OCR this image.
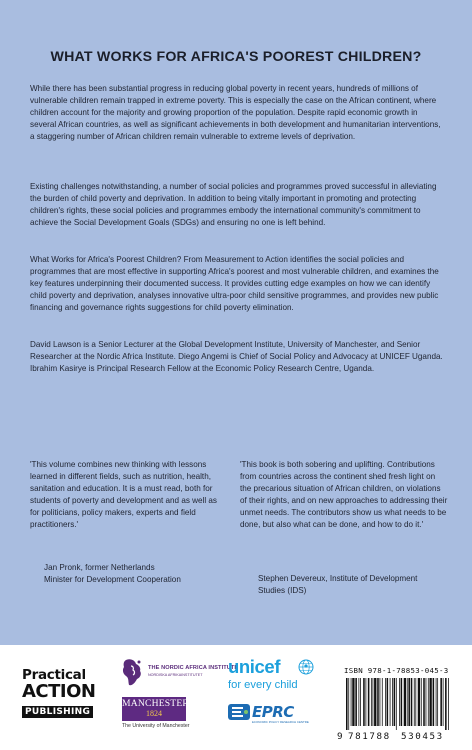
WHAT WORKS FOR AFRICA'S POOREST CHILDREN?

While there has been substantial progress in reducing global poverty in recent years, hundreds of millions of vulnerable children remain trapped in extreme poverty. This is especially the case on the African continent, where children account for the majority and growing proportion of the population. Despite rapid economic growth in several African countries, as well as significant achievements in both development and humanitarian interventions, a staggering number of African children remain vulnerable to extreme levels of deprivation.

Existing challenges notwithstanding, a number of social policies and programmes proved successful in alleviating the burden of child poverty and deprivation. In addition to being vitally important in promoting and protecting children's rights, these social policies and programmes embody the international community's commitment to achieve the Social Development Goals (SDGs) and ensuring no one is left behind.

What Works for Africa's Poorest Children? From Measurement to Action identifies the social policies and programmes that are most effective in supporting Africa's poorest and most vulnerable children, and examines the key features underpinning their documented success. It provides cutting edge examples on how we can identify child poverty and deprivation, analyses innovative ultra-poor child sensitive programmes, and provides new public financing and governance rights suggestions for child poverty elimination.

David Lawson is a Senior Lecturer at the Global Development Institute, University of Manchester, and Senior Researcher at the Nordic Africa Institute. Diego Angemi is Chief of Social Policy and Advocacy at UNICEF Uganda. Ibrahim Kasirye is Principal Research Fellow at the Economic Policy Research Centre, Uganda.

'This volume combines new thinking with lessons learned in different fields, such as nutrition, health, sanitation and education. It is a must read, both for students of poverty and development and as well as for politicians, policy makers, experts and field practitioners.'

Jan Pronk, former Netherlands
Minister for Development Cooperation

'This book is both sobering and uplifting. Contributions from countries across the continent shed fresh light on the precarious situation of African children, on violations of their rights, and on new approaches to addressing their unmet needs. The contributors show us what needs to be done, but also what can be done, and how to do it.'

Stephen Devereux, Institute of Development
Studies (IDS)
Practical
ACTION
PUBLISHING
THE NORDIC AFRICA INSTITUTE
NORDISKA AFRIKAINSTITUTET
MANCHESTER
1824
The University of Manchester
unicef
for every child
EPRC
ECONOMIC POLICY RESEARCH CENTRE
ISBN 978-1-78853-045-3
9 781788 530453
